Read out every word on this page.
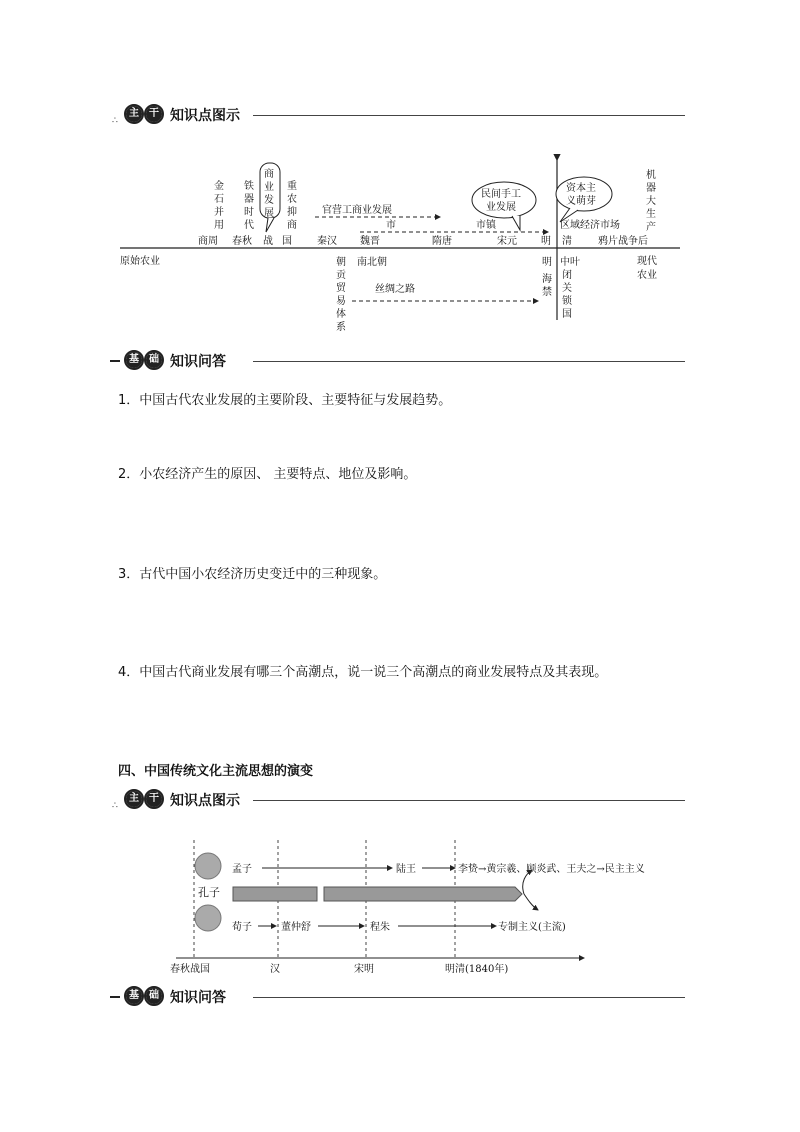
∴
主	干 知识点图示
原始农业	现代
农业
商周 春秋 战 国	秦汉 魏晋	隋唐	宋元 明 清	鸦片战争后
金
石
并
用
铁
器
时
代
商
业
发
展
重
农
抑
商
机
器
大
生
产
官营工商业发展
市	市镇	区域经济市场
民间手工
业发展
资本主
义萌芽
朝
贡
贸
易
体
系
南北朝
丝绸之路
明
海
禁
中叶
闭
关
锁
国
基	础 知识问答
1．中国古代农业发展的主要阶段、主要特征与发展趋势。
2．小农经济产生的原因、 主要特点、地位及影响。
3．古代中国小农经济历史变迁中的三种现象。
4．中国古代商业发展有哪三个高潮点，说一说三个高潮点的商业发展特点及其表现。
四、中国传统文化主流思想的演变
∴
主	干 知识点图示
春秋战国	汉	宋明	明清(1840年)
孔子
孟子	陆王	李贽→黄宗羲、顾炎武、王夫之→民主主义
荀子	董仲舒	程朱	专制主义(主流)
基	础 知识问答
